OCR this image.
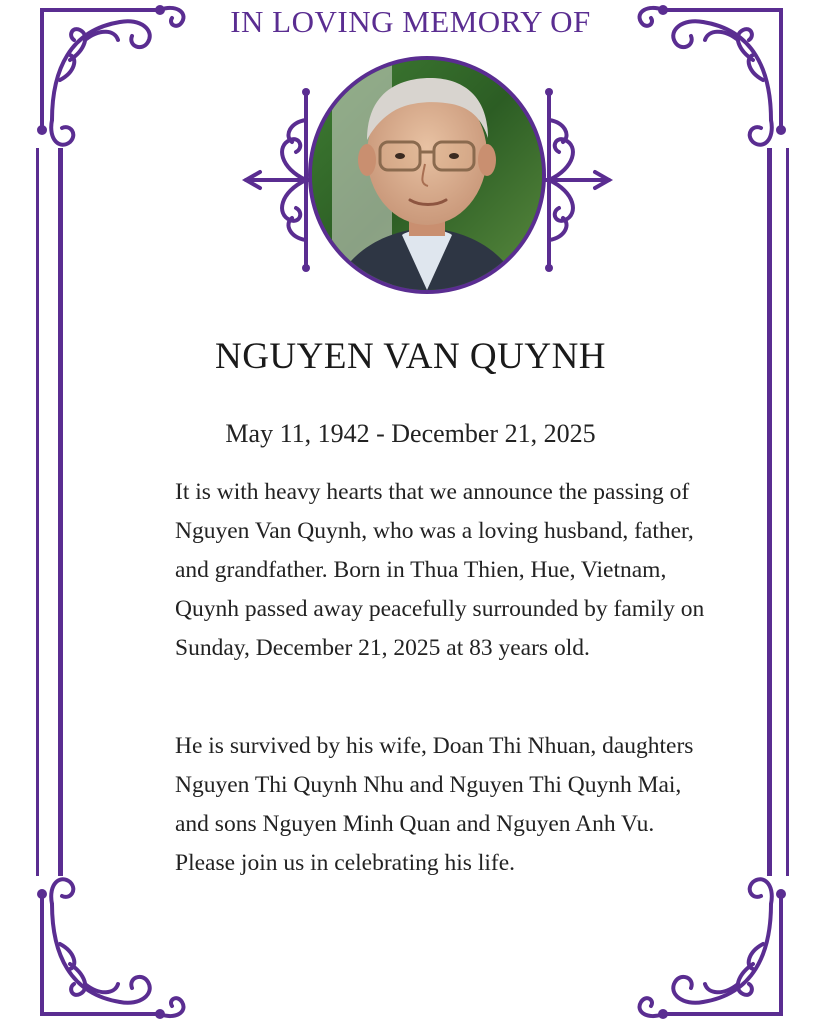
IN LOVING MEMORY OF
NGUYEN VAN QUYNH
May 11, 1942 - December 21, 2025

It is with heavy hearts that we announce the passing of Nguyen Van Quynh, who was a loving husband, father, and grandfather. Born in Thua Thien, Hue, Vietnam, Quynh passed away peacefully surrounded by family on Sunday, December 21, 2025 at 83 years old.

He is survived by his wife, Doan Thi Nhuan, daughters Nguyen Thi Quynh Nhu and Nguyen Thi Quynh Mai, and sons Nguyen Minh Quan and Nguyen Anh Vu.
Please join us in celebrating his life.
